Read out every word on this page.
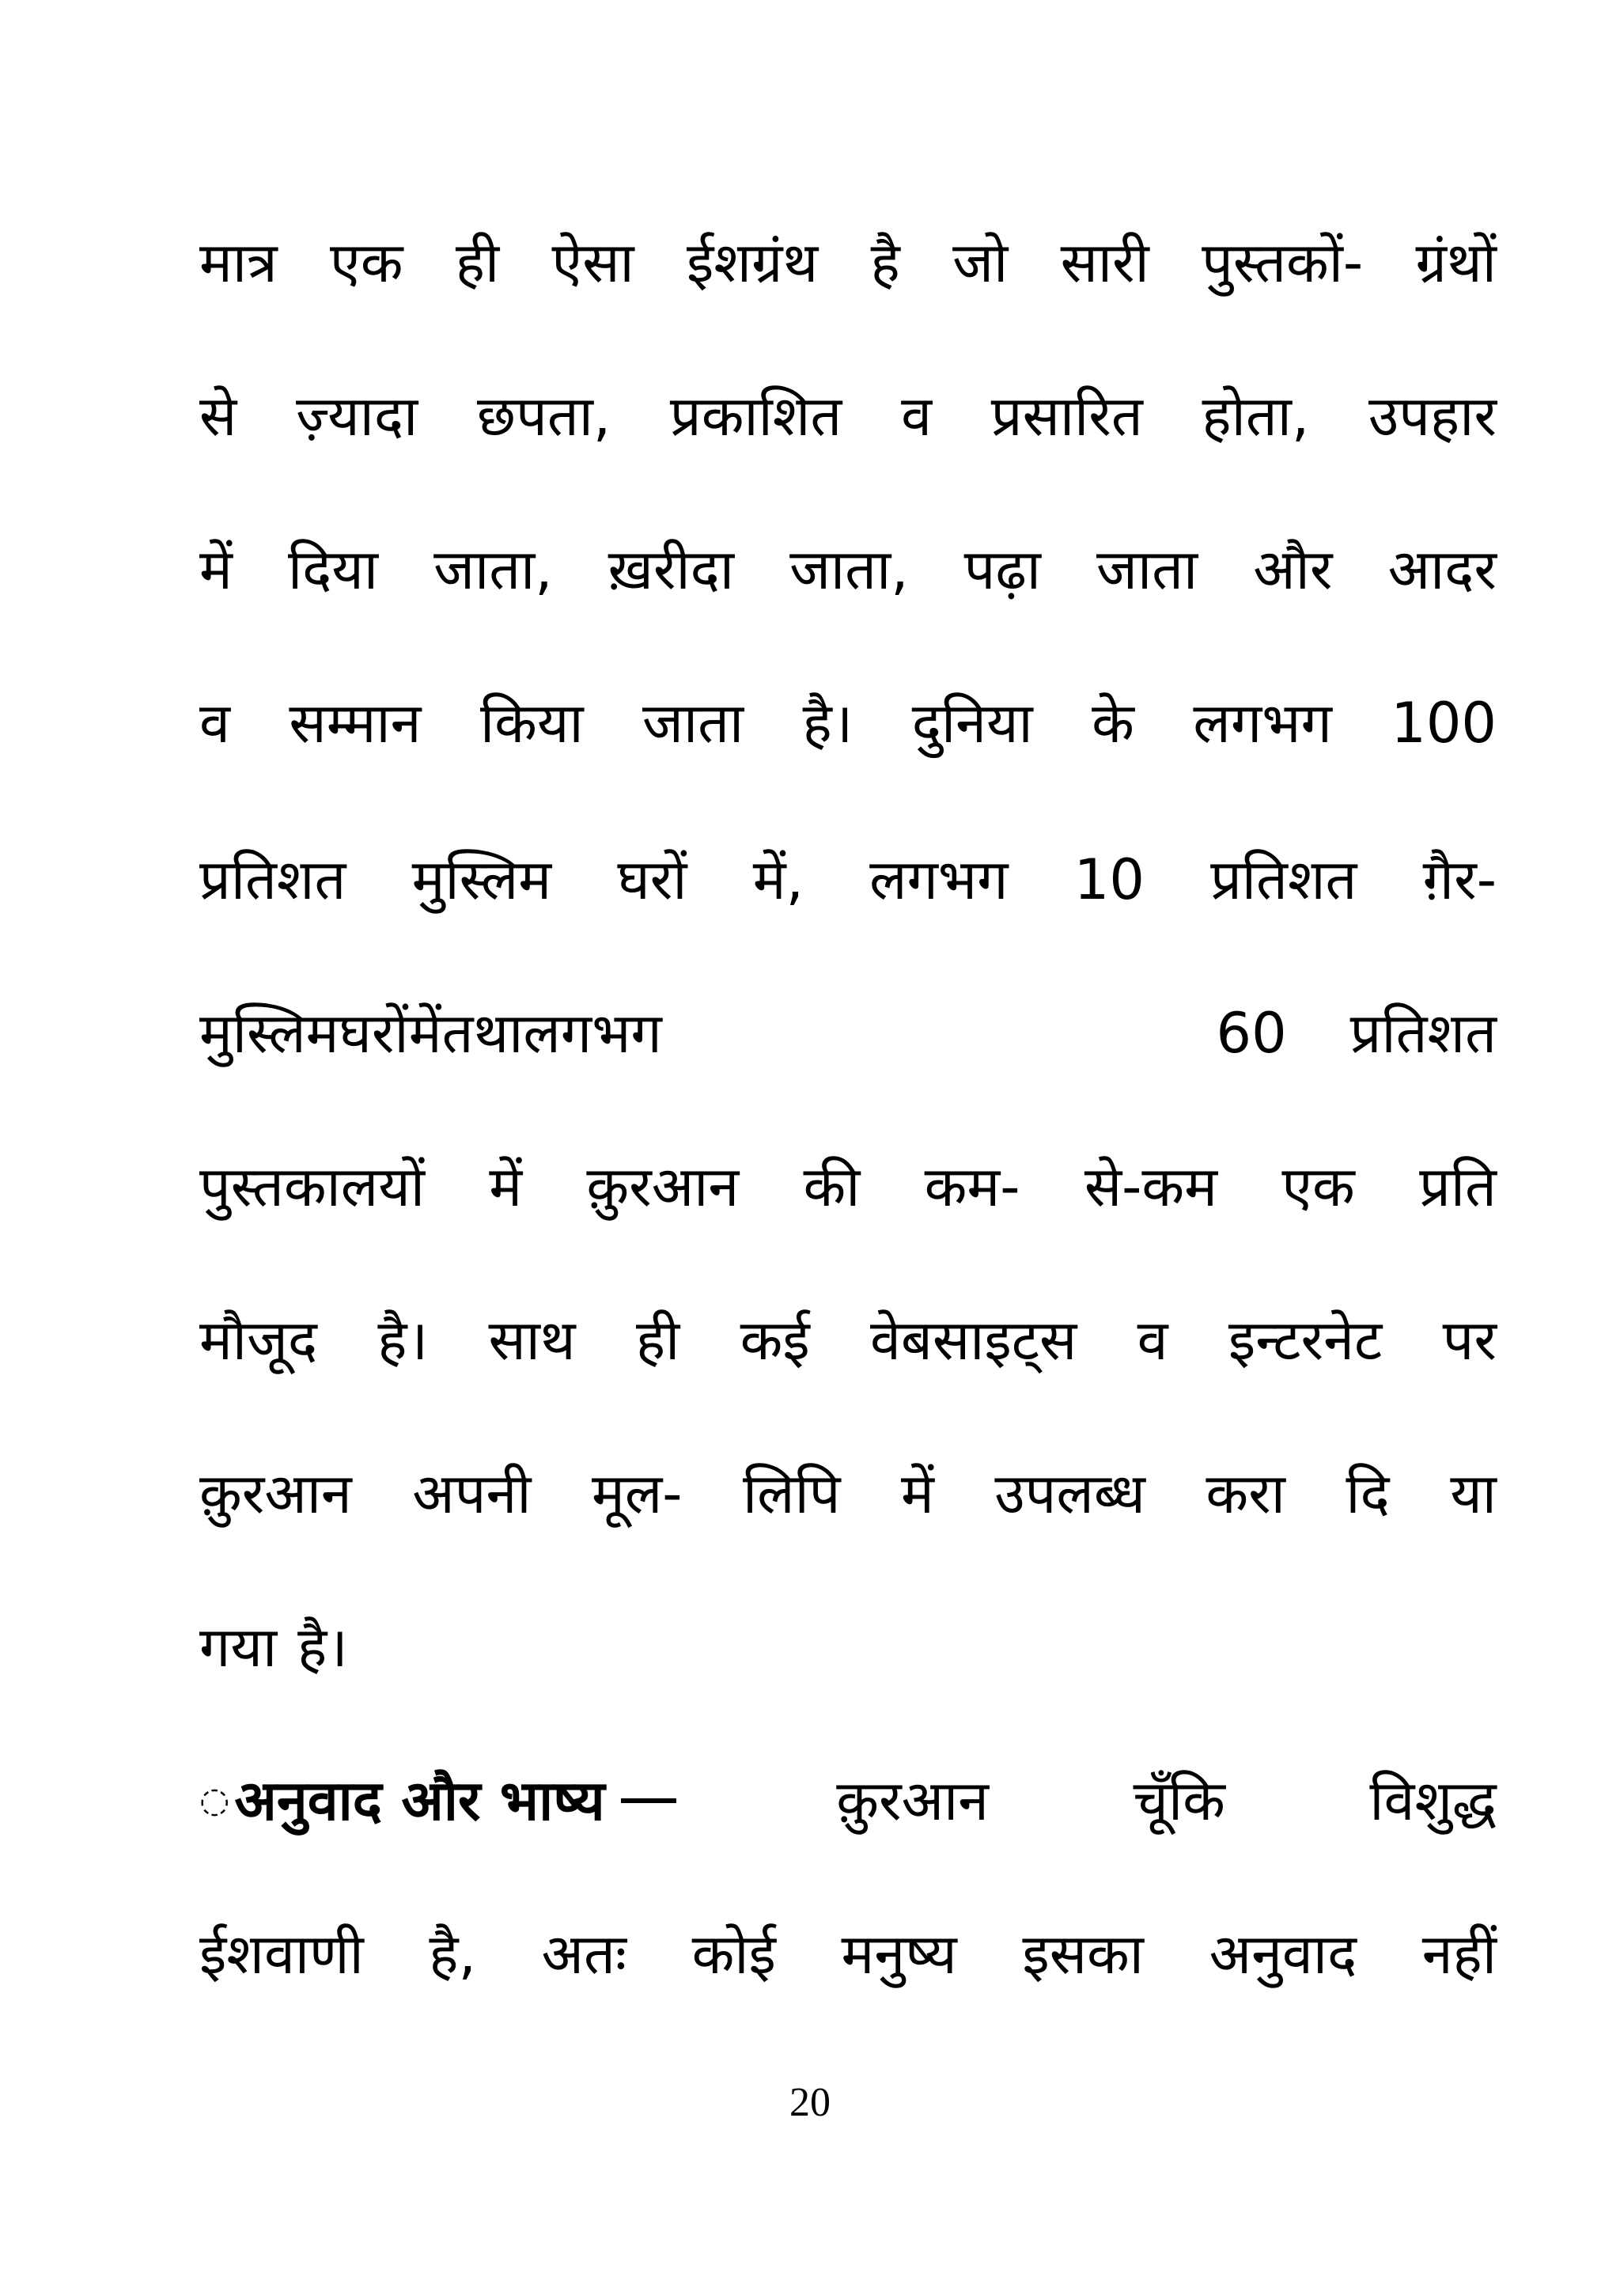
मात्र एक ही ऐसा ईशग्रंथ है जो सारी पुस्तकों- ग्रंथों
से ज़्यादा छपता, प्रकाशित व प्रसारित होता, उपहार
में दिया जाता, ख़रीदा जाता, पढ़ा जाता और आदर
व सम्मान किया जाता है। दुनिया के लगभग 100
प्रतिशत मुस्लिम घरों में, लगभग 10 प्रतिशत ग़ैर-
मुस्लिम घरों में तथा लगभग	60 प्रतिशत
पुस्तकालयों में क़ुरआन की कम- से-कम एक प्रति
मौजूद है। साथ ही कई वेबसाइट्स व इन्टरनेट पर
क़ुरआन अपनी मूल- लिपि में उपलब्ध करा दि या
गया है।
◌ अनुवाद और भाष्य	क़ुरआन	चूँकि	विशुद्ध
ईशवाणी है, अतः कोई मनुष्य इसका अनुवाद नहीं
20
